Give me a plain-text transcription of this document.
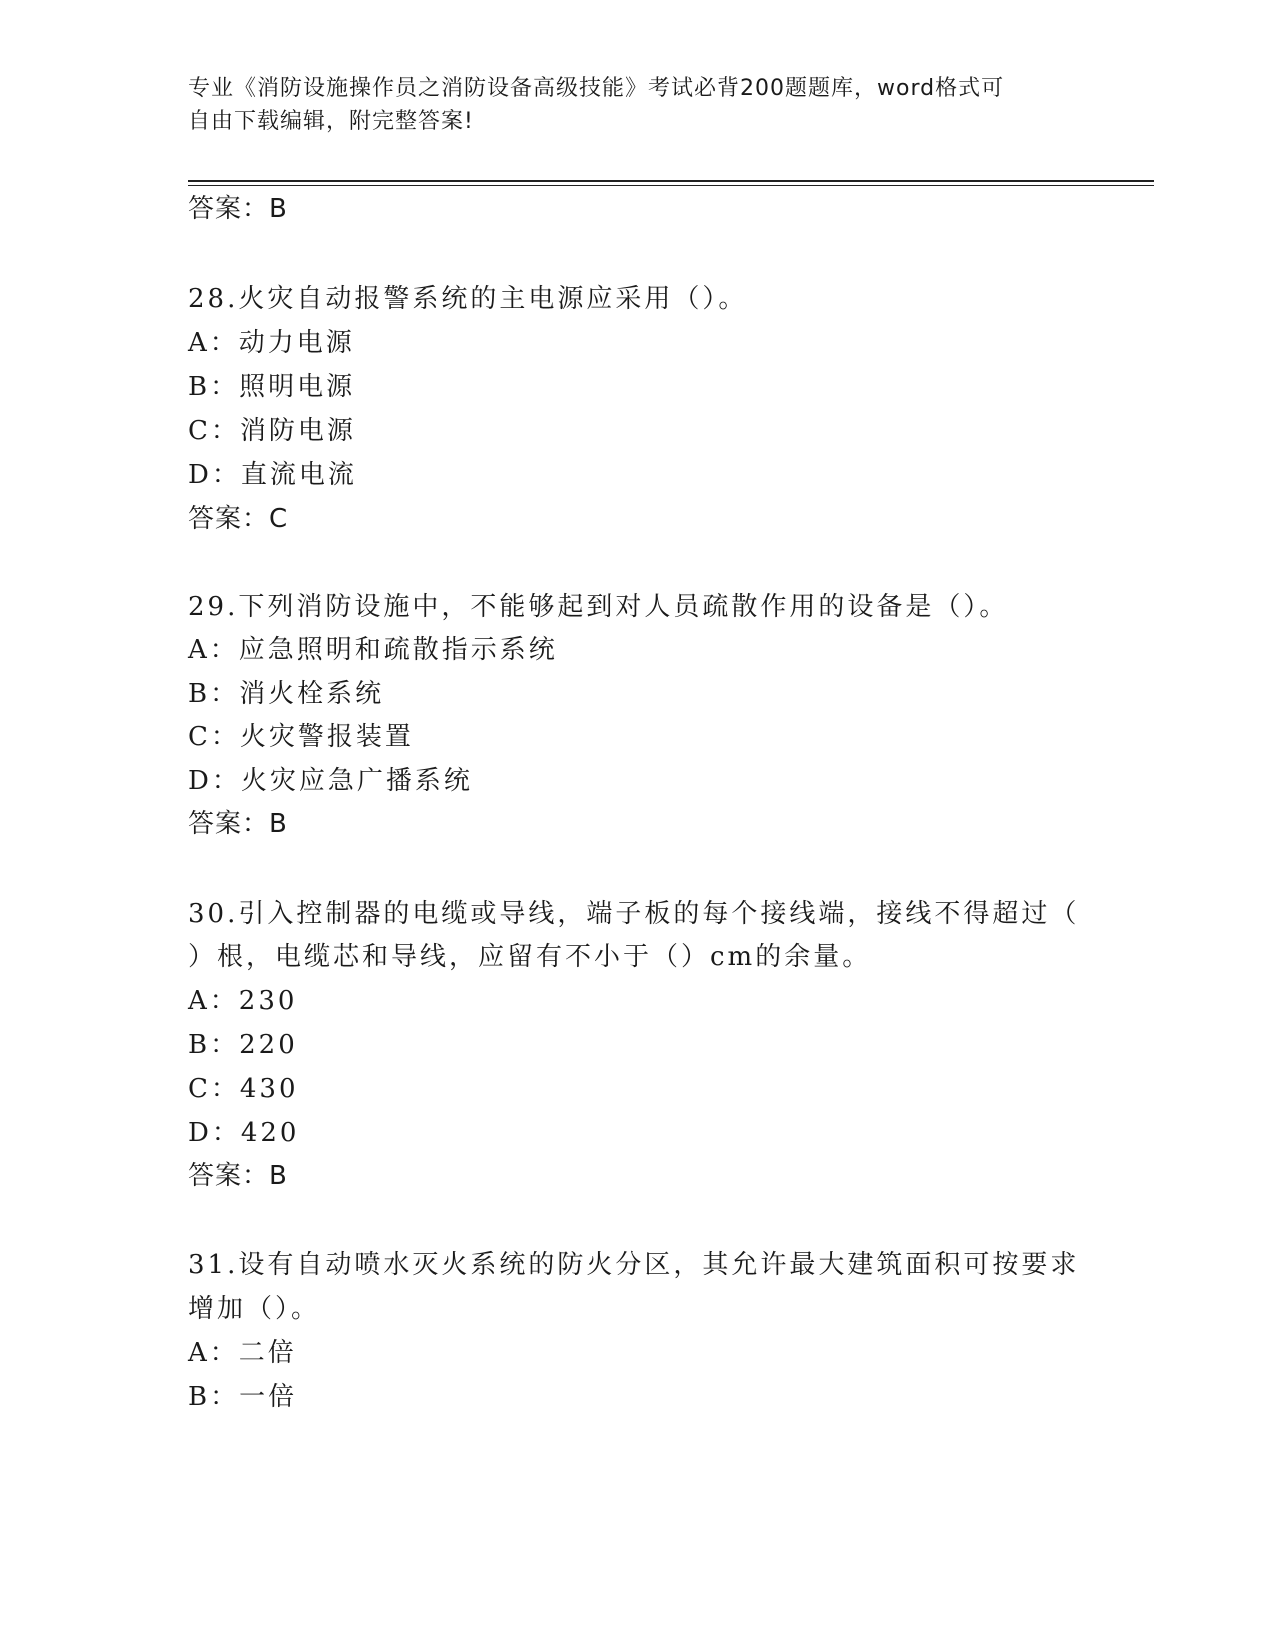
专业《消防设施操作员之消防设备高级技能》考试必背200题题库，word格式可
自由下载编辑，附完整答案!
答案：B
28.火灾自动报警系统的主电源应采用（）。
A：动力电源
B：照明电源
C：消防电源
D：直流电流
答案：C
29.下列消防设施中，不能够起到对人员疏散作用的设备是（）。
A：应急照明和疏散指示系统
B：消火栓系统
C：火灾警报装置
D：火灾应急广播系统
答案：B
30.引入控制器的电缆或导线，端子板的每个接线端，接线不得超过（
）根，电缆芯和导线，应留有不小于（）cm的余量。
A：230
B：220
C：430
D：420
答案：B
31.设有自动喷水灭火系统的防火分区，其允许最大建筑面积可按要求
增加（）。
A：二倍
B：一倍
